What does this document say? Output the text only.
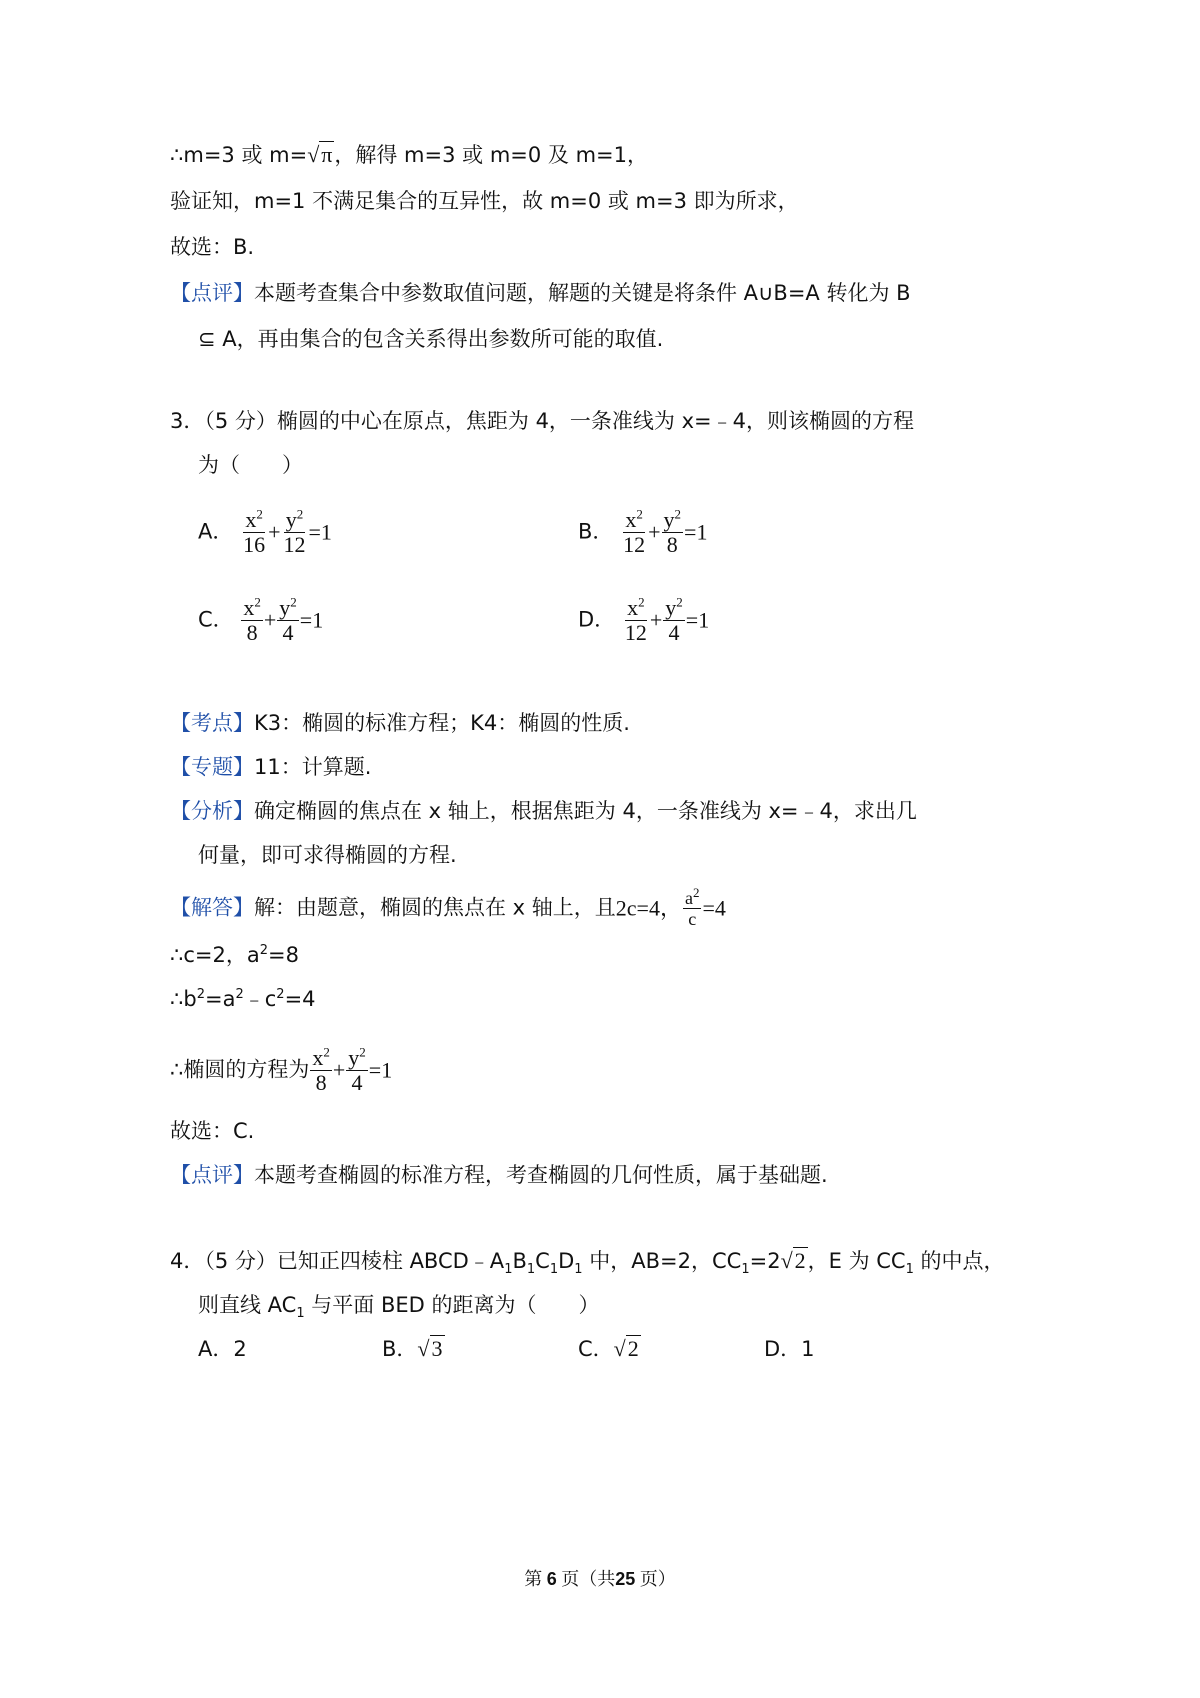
∴m=3 或 m=√π，解得 m=3 或 m=0 及 m=1，
验证知，m=1 不满足集合的互异性，故 m=0 或 m=3 即为所求，
故选：B.
【点评】本题考查集合中参数取值问题，解题的关键是将条件 A∪B=A 转化为 B
⊆ A，再由集合的包含关系得出参数所可能的取值.
3．（5 分）椭圆的中心在原点，焦距为 4，一条准线为 x=﹣4，则该椭圆的方程
为（　　）
A． $\frac{x^2}{16} + \frac{y^2}{12} =1$	B． $\frac{x^2}{12} + \frac{y^2}{8} =1$
C． $\frac{x^2}{8} + \frac{y^2}{4} =1$	D． $\frac{x^2}{12} + \frac{y^2}{4} =1$
【考点】K3：椭圆的标准方程；K4：椭圆的性质.
【专题】11：计算题.
【分析】确定椭圆的焦点在 x 轴上，根据焦距为 4，一条准线为 x=﹣4，求出几
何量，即可求得椭圆的方程.
【解答】解：由题意，椭圆的焦点在 x 轴上，且2c=4， $\frac{a^2}{c} =4$
∴c=2，$a^2=8$
$\therefore b^2=a^2﹣c^2=4$
∴椭圆的方程为 $\frac{x^2}{8} + \frac{y^2}{4} =1$
故选：C.
【点评】本题考查椭圆的标准方程，考查椭圆的几何性质，属于基础题.
4．（5 分）已知正四棱柱 $ABCD﹣A_1B_1C_1D_1$ 中，AB=2，$CC_1=2√2$，E 为 $CC_1$ 的中点，
则直线 $AC_1$ 与平面 BED 的距离为（　　）
A．2	B．√3	C．√2	D．1
第 6 页（共25 页）
